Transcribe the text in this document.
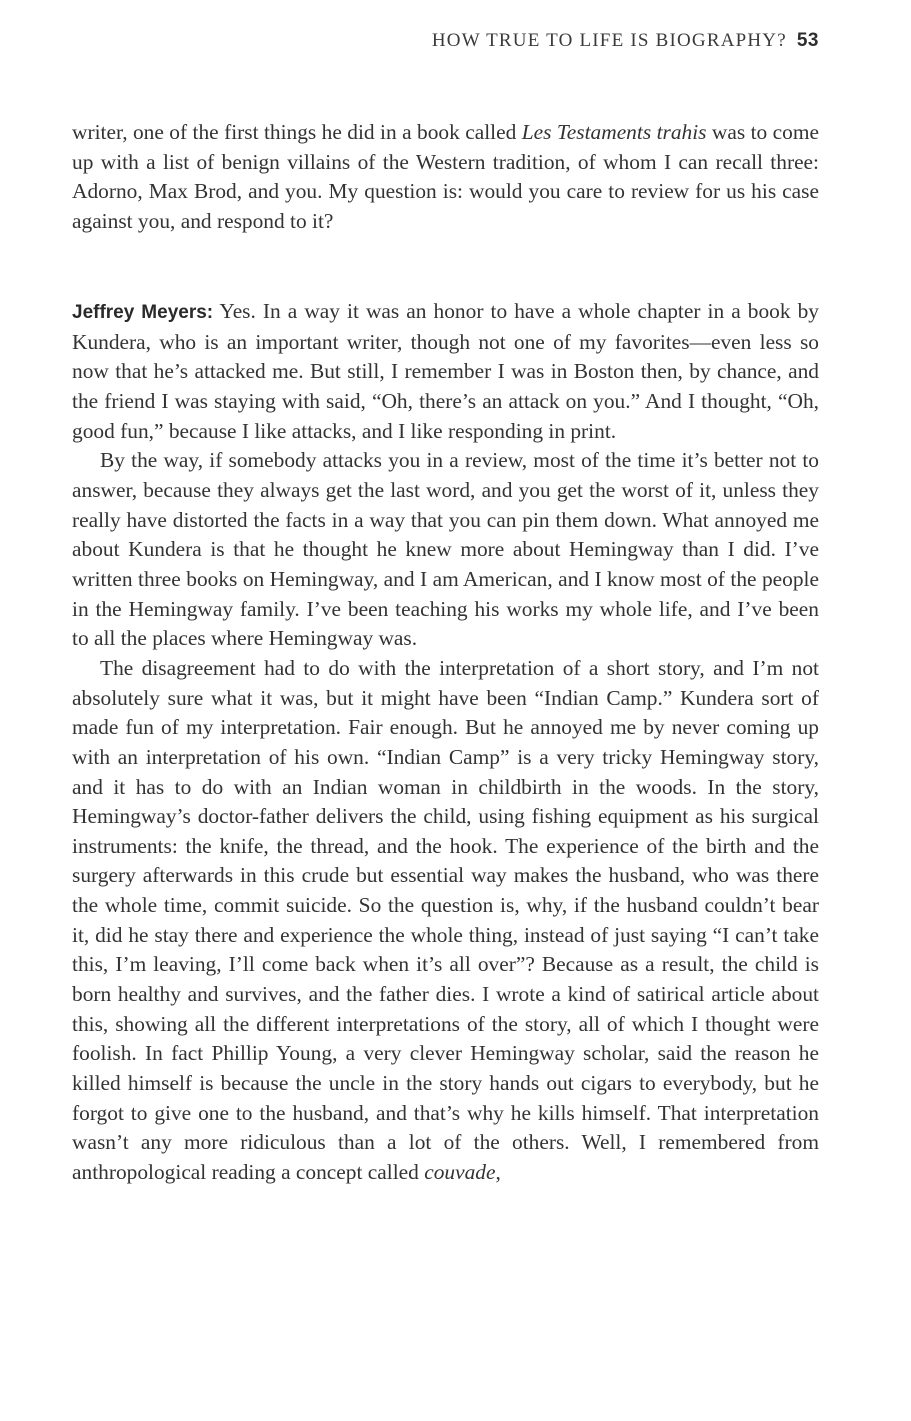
HOW TRUE TO LIFE IS BIOGRAPHY? 53

writer, one of the first things he did in a book called Les Testaments trahis was to come up with a list of benign villains of the Western tradition, of whom I can recall three: Adorno, Max Brod, and you. My question is: would you care to review for us his case against you, and respond to it?

Jeffrey Meyers: Yes. In a way it was an honor to have a whole chapter in a book by Kundera, who is an important writer, though not one of my favorites—even less so now that he’s attacked me. But still, I remember I was in Boston then, by chance, and the friend I was staying with said, “Oh, there’s an attack on you.” And I thought, “Oh, good fun,” because I like attacks, and I like responding in print.

By the way, if somebody attacks you in a review, most of the time it’s better not to answer, because they always get the last word, and you get the worst of it, unless they really have distorted the facts in a way that you can pin them down. What annoyed me about Kundera is that he thought he knew more about Hemingway than I did. I’ve written three books on Hemingway, and I am American, and I know most of the people in the Hemingway family. I’ve been teaching his works my whole life, and I’ve been to all the places where Hemingway was.

The disagreement had to do with the interpretation of a short story, and I’m not absolutely sure what it was, but it might have been “Indian Camp.” Kundera sort of made fun of my interpretation. Fair enough. But he annoyed me by never coming up with an interpretation of his own. “Indian Camp” is a very tricky Hemingway story, and it has to do with an Indian woman in childbirth in the woods. In the story, Hemingway’s doctor-father delivers the child, using fishing equipment as his surgical instruments: the knife, the thread, and the hook. The experience of the birth and the surgery afterwards in this crude but essential way makes the husband, who was there the whole time, commit suicide. So the question is, why, if the husband couldn’t bear it, did he stay there and experience the whole thing, instead of just saying “I can’t take this, I’m leaving, I’ll come back when it’s all over”? Because as a result, the child is born healthy and survives, and the father dies. I wrote a kind of satirical article about this, showing all the different interpretations of the story, all of which I thought were foolish. In fact Phillip Young, a very clever Hemingway scholar, said the reason he killed himself is because the uncle in the story hands out cigars to everybody, but he forgot to give one to the husband, and that’s why he kills himself. That interpretation wasn’t any more ridiculous than a lot of the others. Well, I remembered from anthropological reading a concept called couvade,
